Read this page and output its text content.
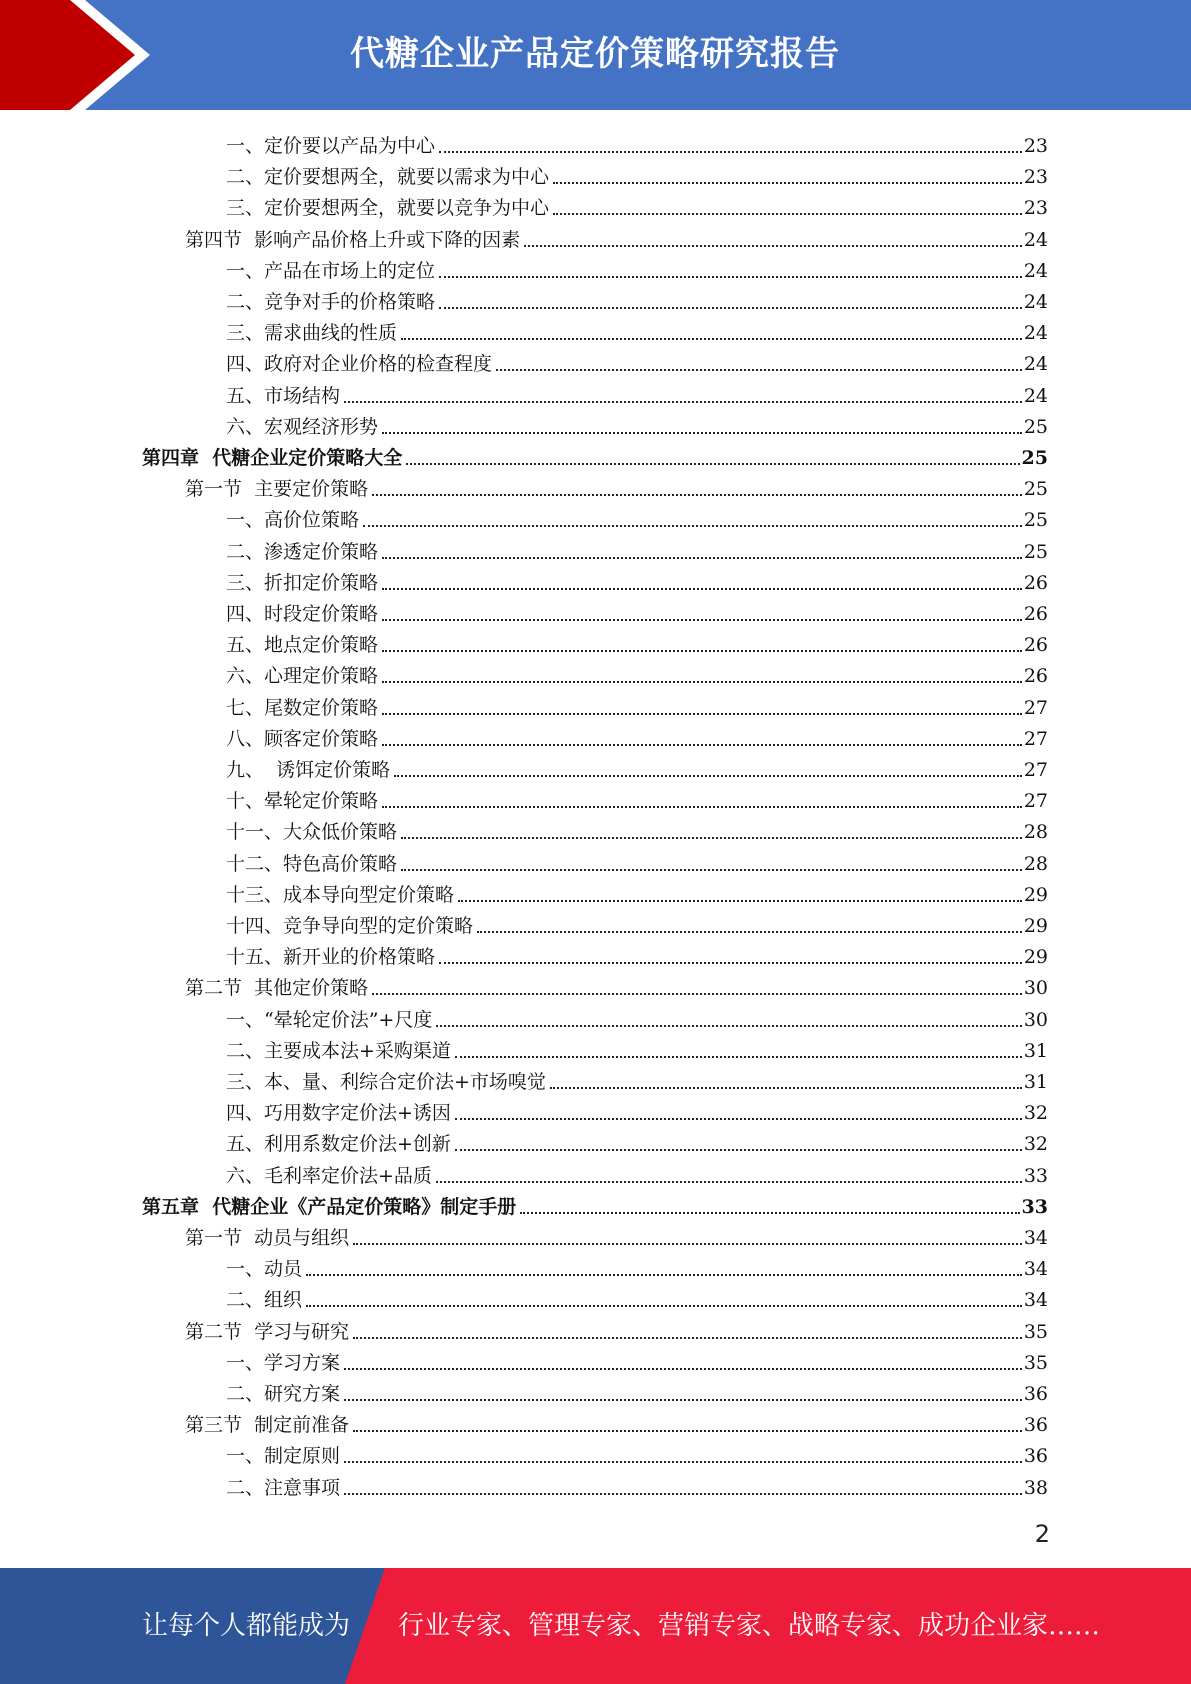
代糖企业产品定价策略研究报告
一、定价要以产品为中心	23
二、定价要想两全，就要以需求为中心	23
三、定价要想两全，就要以竞争为中心	23
第四节  影响产品价格上升或下降的因素	24
一、产品在市场上的定位	24
二、竞争对手的价格策略	24
三、需求曲线的性质	24
四、政府对企业价格的检查程度	24
五、市场结构	24
六、宏观经济形势	25
第四章  代糖企业定价策略大全	25
第一节  主要定价策略	25
一、高价位策略	25
二、渗透定价策略	25
三、折扣定价策略	26
四、时段定价策略	26
五、地点定价策略	26
六、心理定价策略	26
七、尾数定价策略	27
八、顾客定价策略	27
九、  诱饵定价策略	27
十、晕轮定价策略	27
十一、大众低价策略	28
十二、特色高价策略	28
十三、成本导向型定价策略	29
十四、竞争导向型的定价策略	29
十五、新开业的价格策略	29
第二节  其他定价策略	30
一、“晕轮定价法”+尺度	30
二、主要成本法+采购渠道	31
三、本、量、利综合定价法+市场嗅觉	31
四、巧用数字定价法+诱因	32
五、利用系数定价法+创新	32
六、毛利率定价法+品质	33
第五章  代糖企业《产品定价策略》制定手册	33
第一节  动员与组织	34
一、动员	34
二、组织	34
第二节  学习与研究	35
一、学习方案	35
二、研究方案	36
第三节  制定前准备	36
一、制定原则	36
二、注意事项	38
2
让每个人都能成为 行业专家、管理专家、营销专家、战略专家、成功企业家……
